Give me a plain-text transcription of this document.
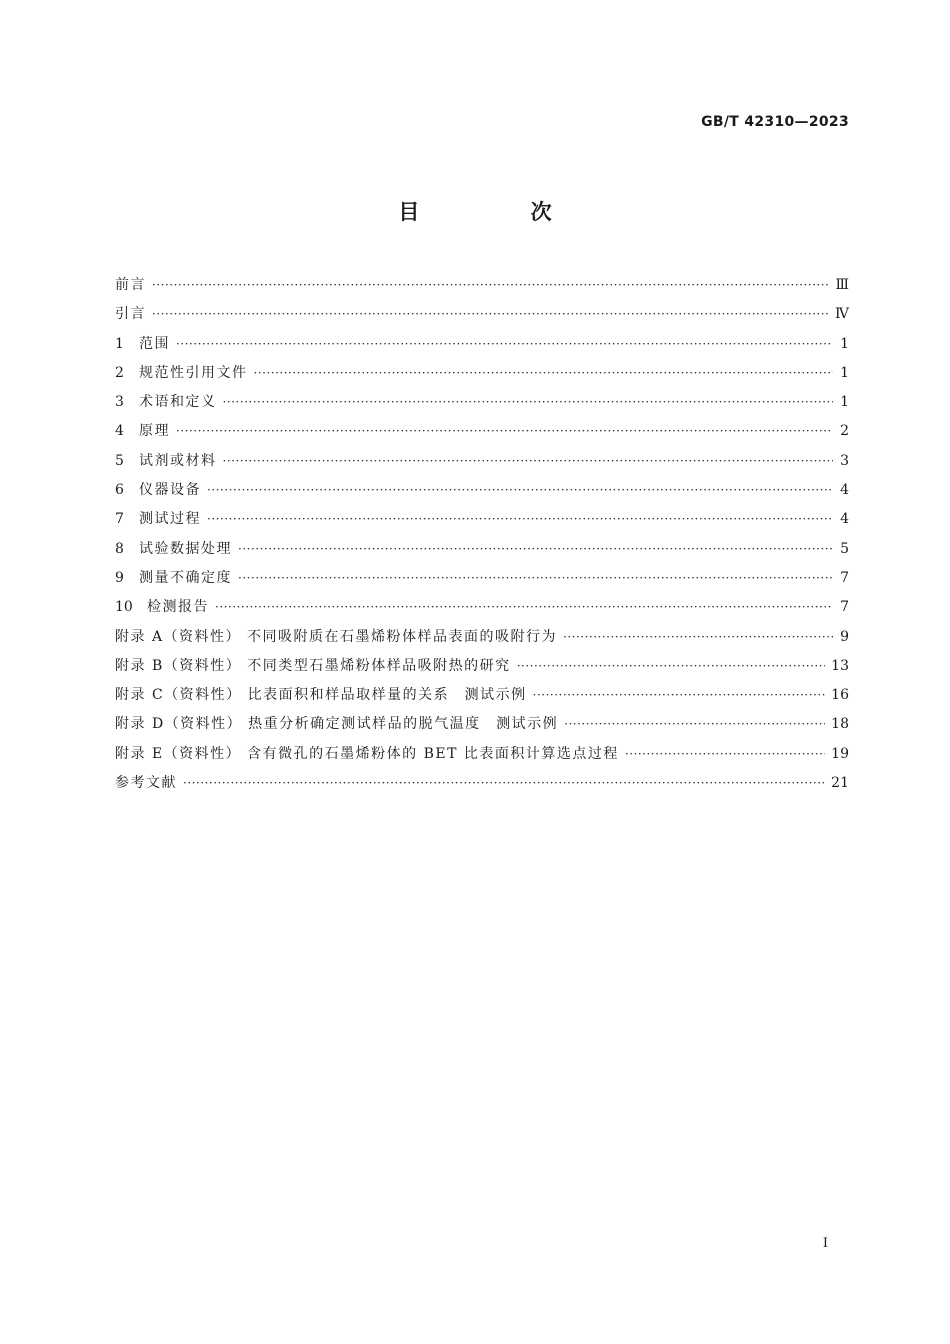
GB/T 42310—2023
目 次
前言 ·····	Ⅲ
引言 ·····	Ⅳ
1	范围 ·····	1
2	规范性引用文件 ·····	1
3	术语和定义 ·····	1
4	原理 ·····	2
5	试剂或材料 ·····	3
6	仪器设备 ·····	4
7	测试过程 ·····	4
8	试验数据处理 ·····	5
9	测量不确定度 ·····	7
10	检测报告 ·····	7
附录 A（资料性） 不同吸附质在石墨烯粉体样品表面的吸附行为 ·····	9
附录 B（资料性） 不同类型石墨烯粉体样品吸附热的研究 ·····	13
附录 C（资料性） 比表面积和样品取样量的关系　测试示例 ·····	16
附录 D（资料性） 热重分析确定测试样品的脱气温度　测试示例 ·····	18
附录 E（资料性） 含有微孔的石墨烯粉体的 BET 比表面积计算选点过程 ·····	19
参考文献 ·····	21
I
